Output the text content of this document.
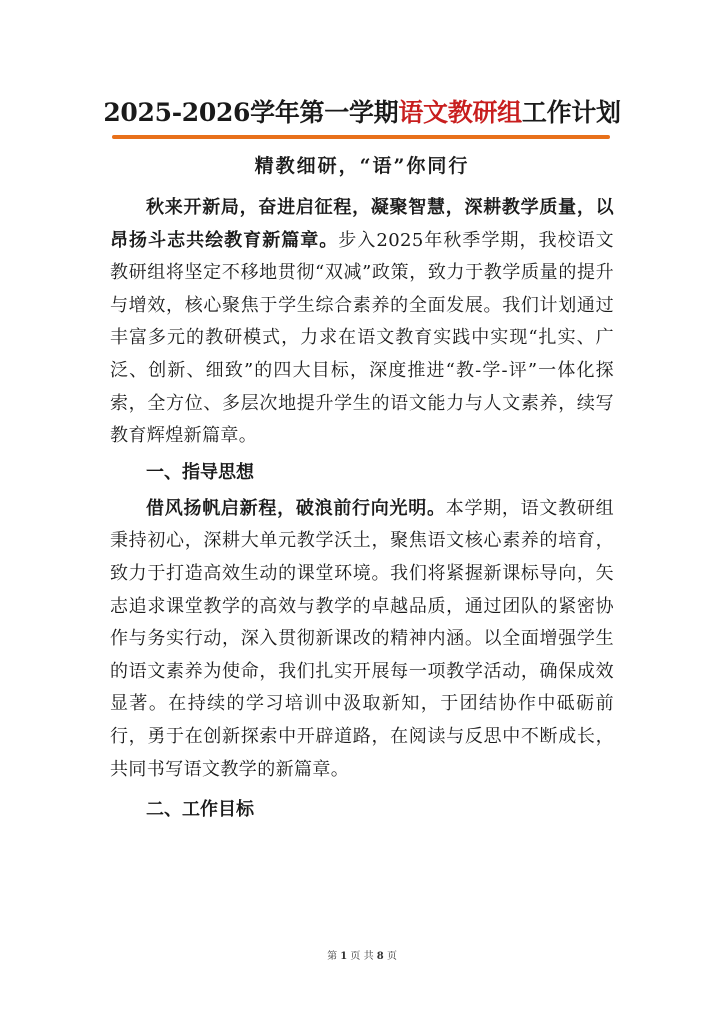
2025-2026学年第一学期语文教研组工作计划
精教细研，“语”你同行

秋来开新局，奋进启征程，凝聚智慧，深耕教学质量，以昂扬斗志共绘教育新篇章。步入2025年秋季学期，我校语文教研组将坚定不移地贯彻“双减”政策，致力于教学质量的提升与增效，核心聚焦于学生综合素养的全面发展。我们计划通过丰富多元的教研模式，力求在语文教育实践中实现“扎实、广泛、创新、细致”的四大目标，深度推进“教-学-评”一体化探索，全方位、多层次地提升学生的语文能力与人文素养，续写教育辉煌新篇章。

一、指导思想

借风扬帆启新程，破浪前行向光明。本学期，语文教研组秉持初心，深耕大单元教学沃土，聚焦语文核心素养的培育，致力于打造高效生动的课堂环境。我们将紧握新课标导向，矢志追求课堂教学的高效与教学的卓越品质，通过团队的紧密协作与务实行动，深入贯彻新课改的精神内涵。以全面增强学生的语文素养为使命，我们扎实开展每一项教学活动，确保成效显著。在持续的学习培训中汲取新知，于团结协作中砥砺前行，勇于在创新探索中开辟道路，在阅读与反思中不断成长，共同书写语文教学的新篇章。

二、工作目标

第 1 页 共 8 页
